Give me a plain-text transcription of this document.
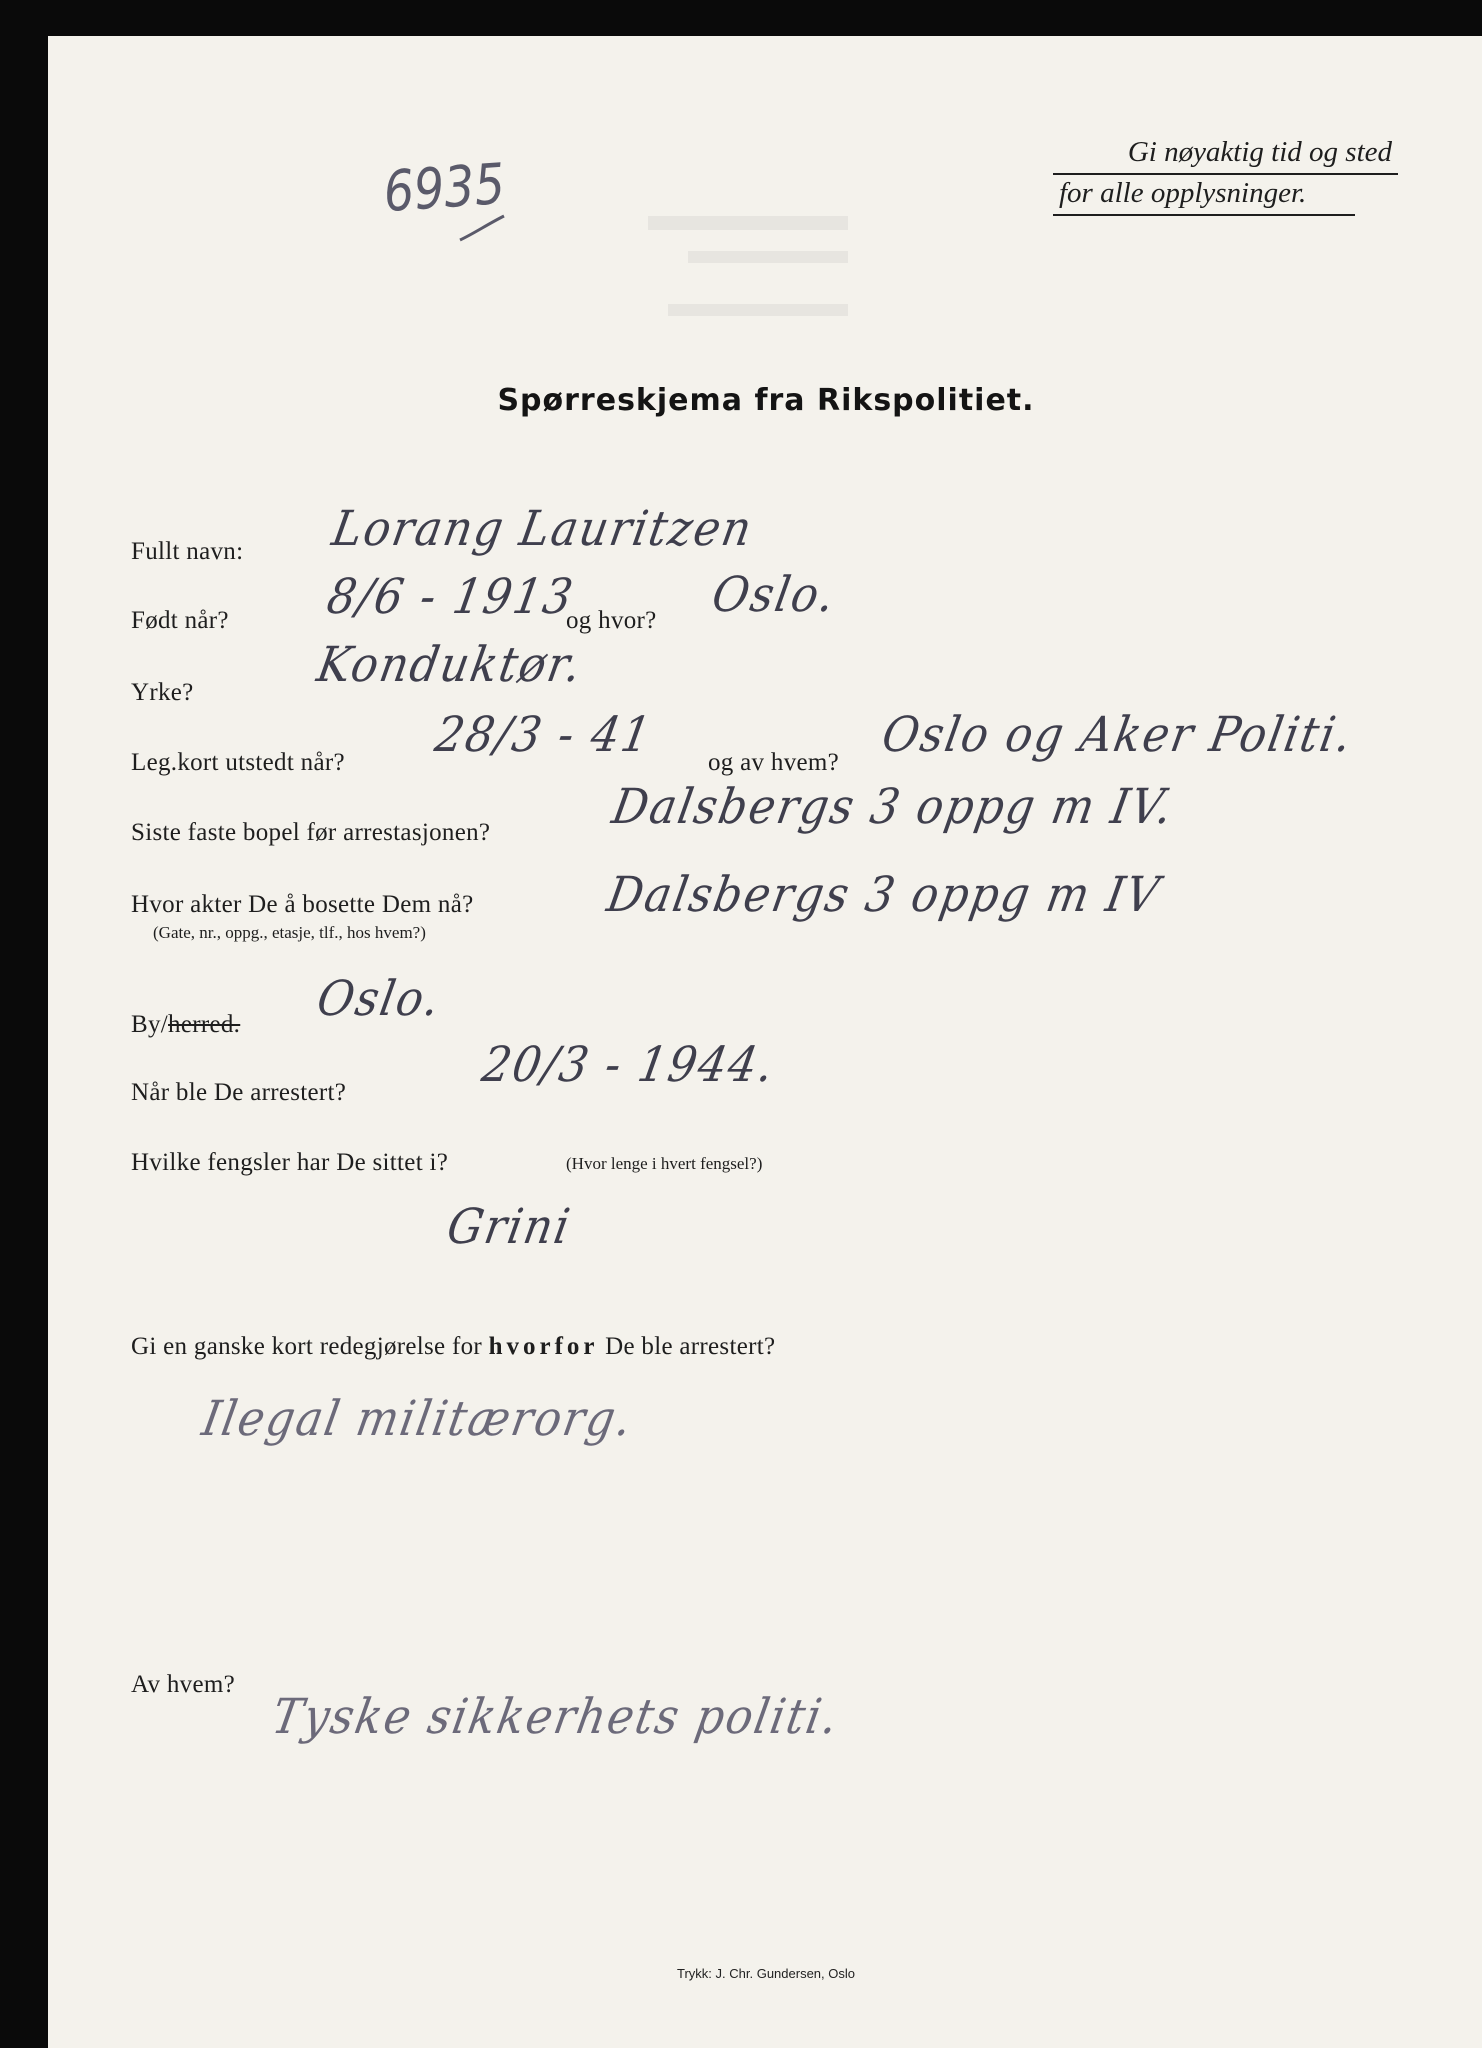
6935	Gi nøyaktig tid og sted
for alle opplysninger.
Spørreskjema fra Rikspolitiet.
Fullt navn: Lorang Lauritzen
Født når? 8/6 - 1913
og hvor? Oslo.
Yrke?	Konduktør.
Leg.kort utstedt når? 28/3 - 41 og av hvem? Oslo og Aker Politi.
Siste faste bopel før arrestasjonen?	Dalsbergs 3 oppg m IV.
Hvor akter De å bosette Dem nå?
(Gate, nr., oppg., etasje, tlf., hos hvem?)
Dalsbergs 3 oppg m IV
By/herred. Oslo.
Når ble De arrestert?	20/3 - 1944.
Hvilke fengsler har De sittet i?	(Hvor lenge i hvert fengsel?)
Grini
Gi en ganske kort redegjørelse for hvorfor De ble arrestert?
Ilegal militærorg.
Av hvem?
Tyske sikkerhets politi.
Trykk: J. Chr. Gundersen, Oslo
